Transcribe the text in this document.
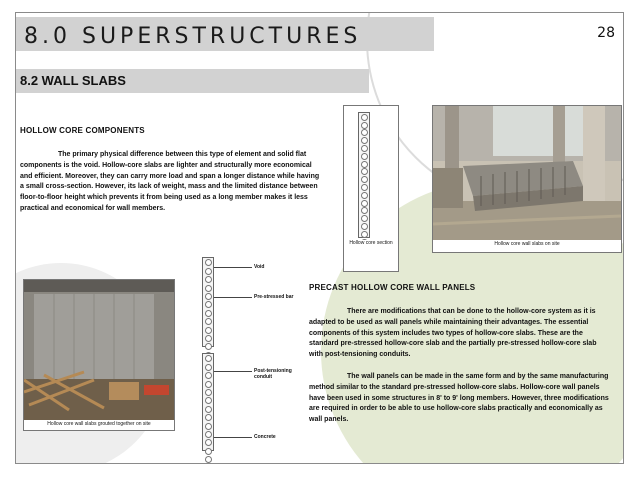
8.0 SUPERSTRUCTURES	28
8.2 WALL SLABS
HOLLOW CORE COMPONENTS

The primary physical difference between this type of element and solid flat components is the void. Hollow-core slabs are lighter and structurally more economical and efficient. Moreover, they can carry more load and span a longer distance while having a small cross-section. However, its lack of weight, mass and the limited distance between floor-to-floor height which prevents it from being used as a long member makes it less practical and economical for wall members.

Hollow core section	Hollow core wall slabs on site
Hollow core wall slabs grouted together on site
Void
Pre-stressed bar
Post-tensioning conduit
Concrete
PRECAST HOLLOW CORE WALL PANELS

There are modifications that can be done to the hollow-core system as it is adapted to be used as wall panels while maintaining their advantages. The essential components of this system includes two types of hollow-core slabs. These are the standard pre-stressed hollow-core slab and the partially pre-stressed hollow-core slab with post-tensioning conduits.

The wall panels can be made in the same form and by the same manufacturing method similar to the standard pre-stressed hollow-core slabs. Hollow-core wall panels have been used in some structures in 8' to 9' long members. However, three modifications are required in order to be able to use hollow-core slabs practically and economically as wall panels.
